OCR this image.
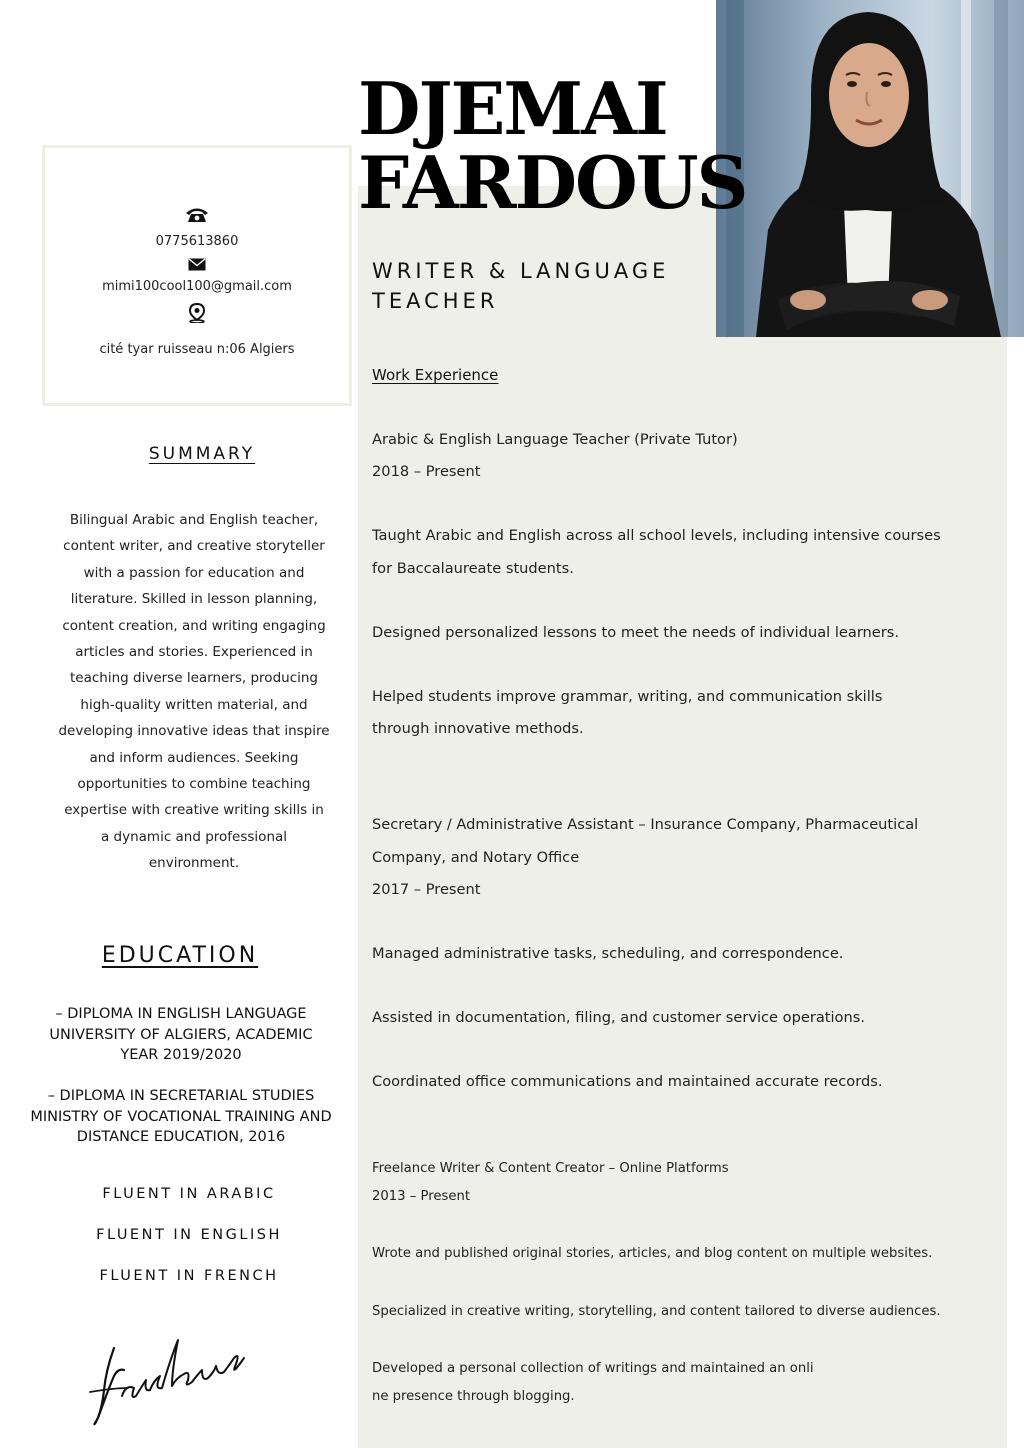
DJEMAI
FARDOUS
WRITER & LANGUAGE
TEACHER
0775613860
mimi100cool100@gmail.com
cité tyar ruisseau n:06 Algiers
SUMMARY

Bilingual Arabic and English teacher, content writer, and creative storyteller with a passion for education and literature. Skilled in lesson planning, content creation, and writing engaging articles and stories. Experienced in teaching diverse learners, producing high-quality written material, and developing innovative ideas that inspire and inform audiences. Seeking opportunities to combine teaching expertise with creative writing skills in a dynamic and professional environment.

EDUCATION

– DIPLOMA IN ENGLISH LANGUAGE UNIVERSITY OF ALGIERS, ACADEMIC YEAR 2019/2020

– DIPLOMA IN SECRETARIAL STUDIES MINISTRY OF VOCATIONAL TRAINING AND DISTANCE EDUCATION, 2016

FLUENT IN ARABIC

FLUENT IN ENGLISH

FLUENT IN FRENCH

Work Experience

Arabic & English Language Teacher (Private Tutor)

2018 – Present

Taught Arabic and English across all school levels, including intensive courses

for Baccalaureate students.

Designed personalized lessons to meet the needs of individual learners.

Helped students improve grammar, writing, and communication skills

through innovative methods.

Secretary / Administrative Assistant – Insurance Company, Pharmaceutical

Company, and Notary Office

2017 – Present

Managed administrative tasks, scheduling, and correspondence.

Assisted in documentation, filing, and customer service operations.

Coordinated office communications and maintained accurate records.

Freelance Writer & Content Creator – Online Platforms

2013 – Present

Wrote and published original stories, articles, and blog content on multiple websites.

Specialized in creative writing, storytelling, and content tailored to diverse audiences.

Developed a personal collection of writings and maintained an onli

ne presence through blogging.
